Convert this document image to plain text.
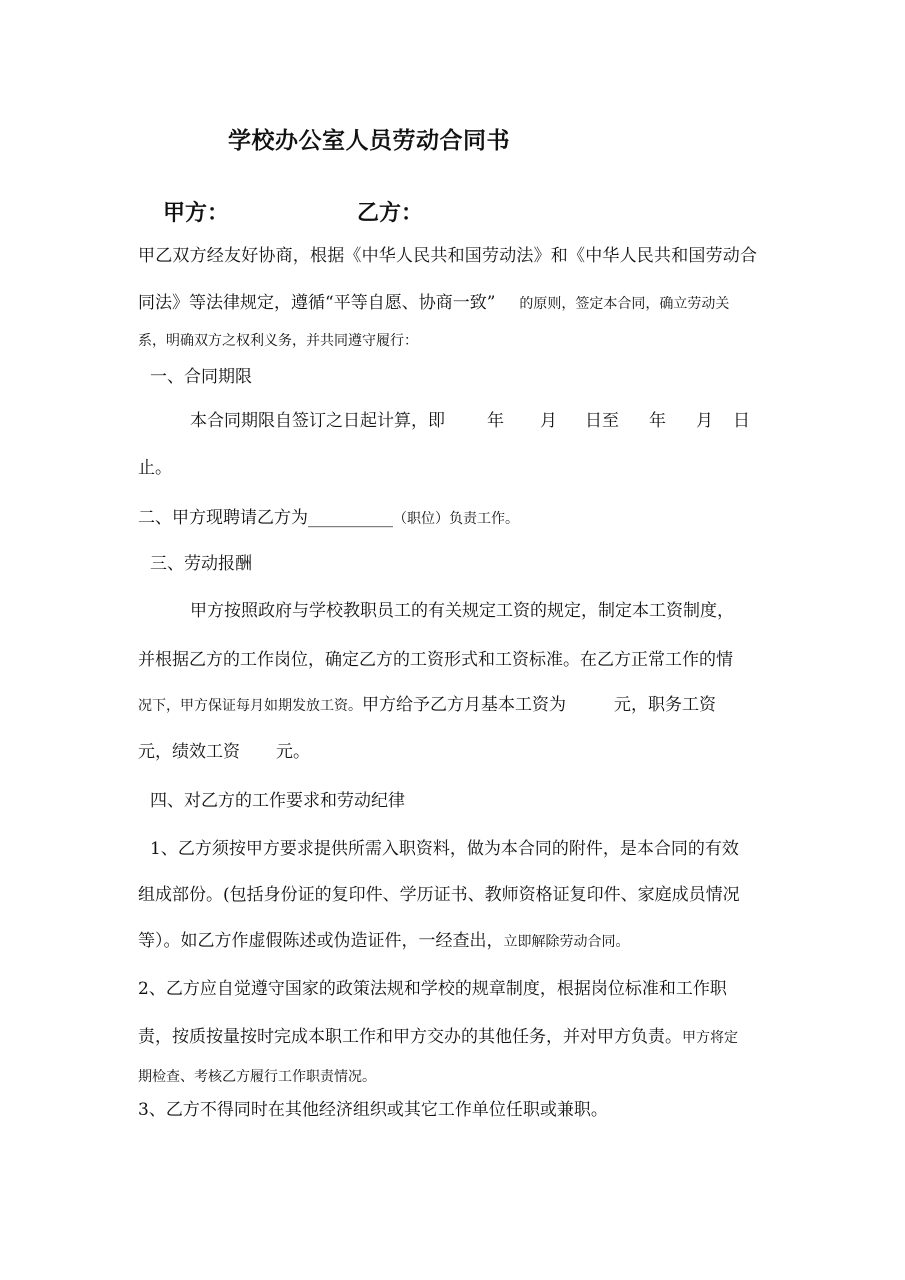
学校办公室人员劳动合同书
甲方：	乙方：
甲乙双方经友好协商，根据《中华人民共和国劳动法》和《中华人民共和国劳动合
同法》等法律规定，遵循“平等自愿、协商一致” 的原则，签定本合同，确立劳动关
系，明确双方之权利义务，并共同遵守履行：
一、合同期限
本合同期限自签订之日起计算，即 年 月 日至 年 月 日
止。
二、甲方现聘请乙方为__________（职位）负责工作。
三、劳动报酬
甲方按照政府与学校教职员工的有关规定工资的规定，制定本工资制度，
并根据乙方的工作岗位，确定乙方的工资形式和工资标准。在乙方正常工作的情
况下，甲方保证每月如期发放工资。甲方给予乙方月基本工资为	元，职务工资
元，绩效工资 元。
四、对乙方的工作要求和劳动纪律
1、乙方须按甲方要求提供所需入职资料，做为本合同的附件，是本合同的有效
组成部份。(包括身份证的复印件、学历证书、教师资格证复印件、家庭成员情况
等）。如乙方作虚假陈述或伪造证件，一经查出，立即解除劳动合同。
2、乙方应自觉遵守国家的政策法规和学校的规章制度，根据岗位标准和工作职
责，按质按量按时完成本职工作和甲方交办的其他任务，并对甲方负责。甲方将定
期检查、考核乙方履行工作职责情况。
3、乙方不得同时在其他经济组织或其它工作单位任职或兼职。
